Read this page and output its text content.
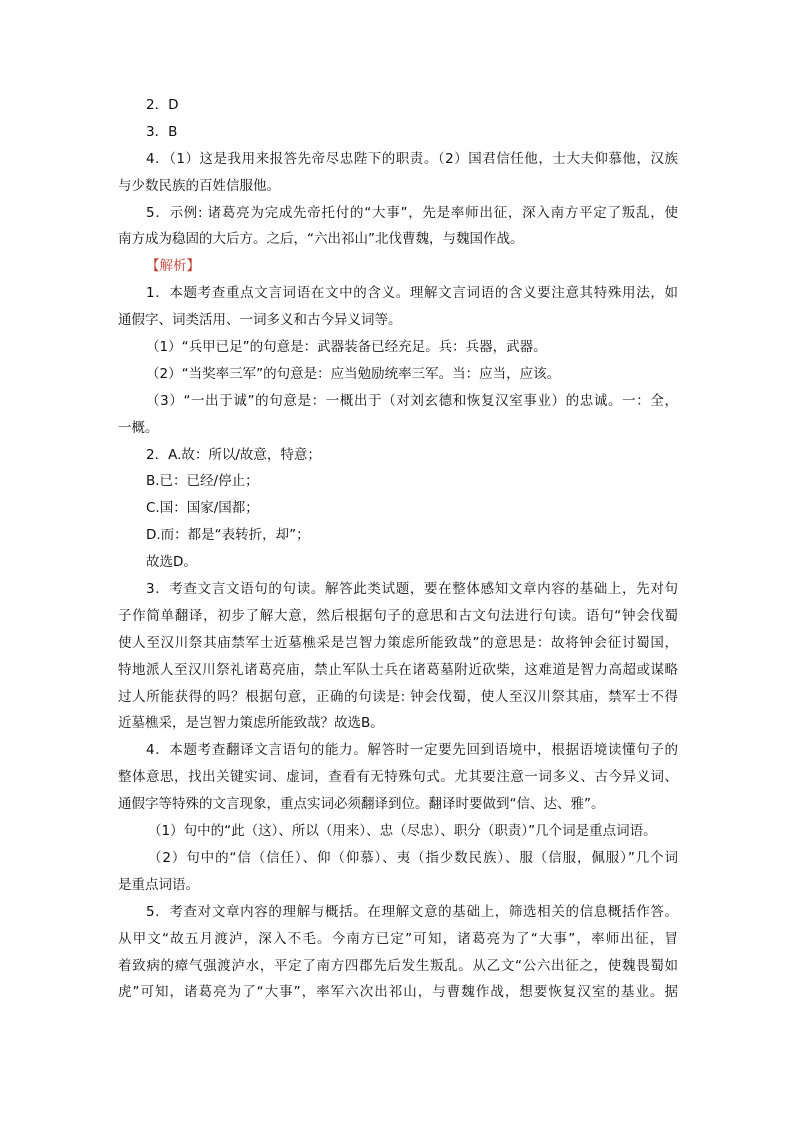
2．D
3．B
4．（1）这是我用来报答先帝尽忠陛下的职责。（2）国君信任他，士大夫仰慕他，汉族
与少数民族的百姓信服他。
5．示例: 诸葛亮为完成先帝托付的“大事”，先是率师出征，深入南方平定了叛乱，使
南方成为稳固的大后方。之后，“六出祁山”北伐曹魏，与魏国作战。
【解析】
1．本题考查重点文言词语在文中的含义。理解文言词语的含义要注意其特殊用法，如
通假字、词类活用、一词多义和古今异义词等。
（1）“兵甲已足”的句意是：武器装备已经充足。兵：兵器，武器。
（2）“当奖率三军”的句意是：应当勉励统率三军。当：应当，应该。
（3）“一出于诚”的句意是：一概出于（对刘玄德和恢复汉室事业）的忠诚。一：全，
一概。
2．A.故：所以/故意，特意；
B.已：已经/停止；
C.国：国家/国都；
D.而：都是“表转折，却”；
故选D。
3．考查文言文语句的句读。解答此类试题，要在整体感知文章内容的基础上，先对句
子作简单翻译，初步了解大意，然后根据句子的意思和古文句法进行句读。语句“钟会伐蜀
使人至汉川祭其庙禁军士近墓樵采是岂智力策虑所能致哉”的意思是：故将钟会征讨蜀国，
特地派人至汉川祭礼诸葛亮庙，禁止军队士兵在诸葛墓附近砍柴，这难道是智力高超或谋略
过人所能获得的吗？根据句意，正确的句读是: 钟会伐蜀，使人至汉川祭其庙，禁军士不得
近墓樵采，是岂智力策虑所能致哉？故选B。
4．本题考查翻译文言语句的能力。解答时一定要先回到语境中，根据语境读懂句子的
整体意思，找出关键实词、虚词，查看有无特殊句式。尤其要注意一词多义、古今异义词、
通假字等特殊的文言现象，重点实词必须翻译到位。翻译时要做到“信、达、雅”。
（1）句中的“此（这）、所以（用来）、忠（尽忠）、职分（职责）”几个词是重点词语。
（2）句中的“信（信任）、仰（仰慕）、夷（指少数民族）、服（信服，佩服）”几个词
是重点词语。
5．考查对文章内容的理解与概括。在理解文意的基础上，筛选相关的信息概括作答。
从甲文“故五月渡泸，深入不毛。今南方已定”可知，诸葛亮为了“大事”，率师出征，冒
着致病的瘴气强渡泸水，平定了南方四郡先后发生叛乱。从乙文“公六出征之，使魏畏蜀如
虎”可知，诸葛亮为了“大事”，率军六次出祁山，与曹魏作战，想要恢复汉室的基业。据
